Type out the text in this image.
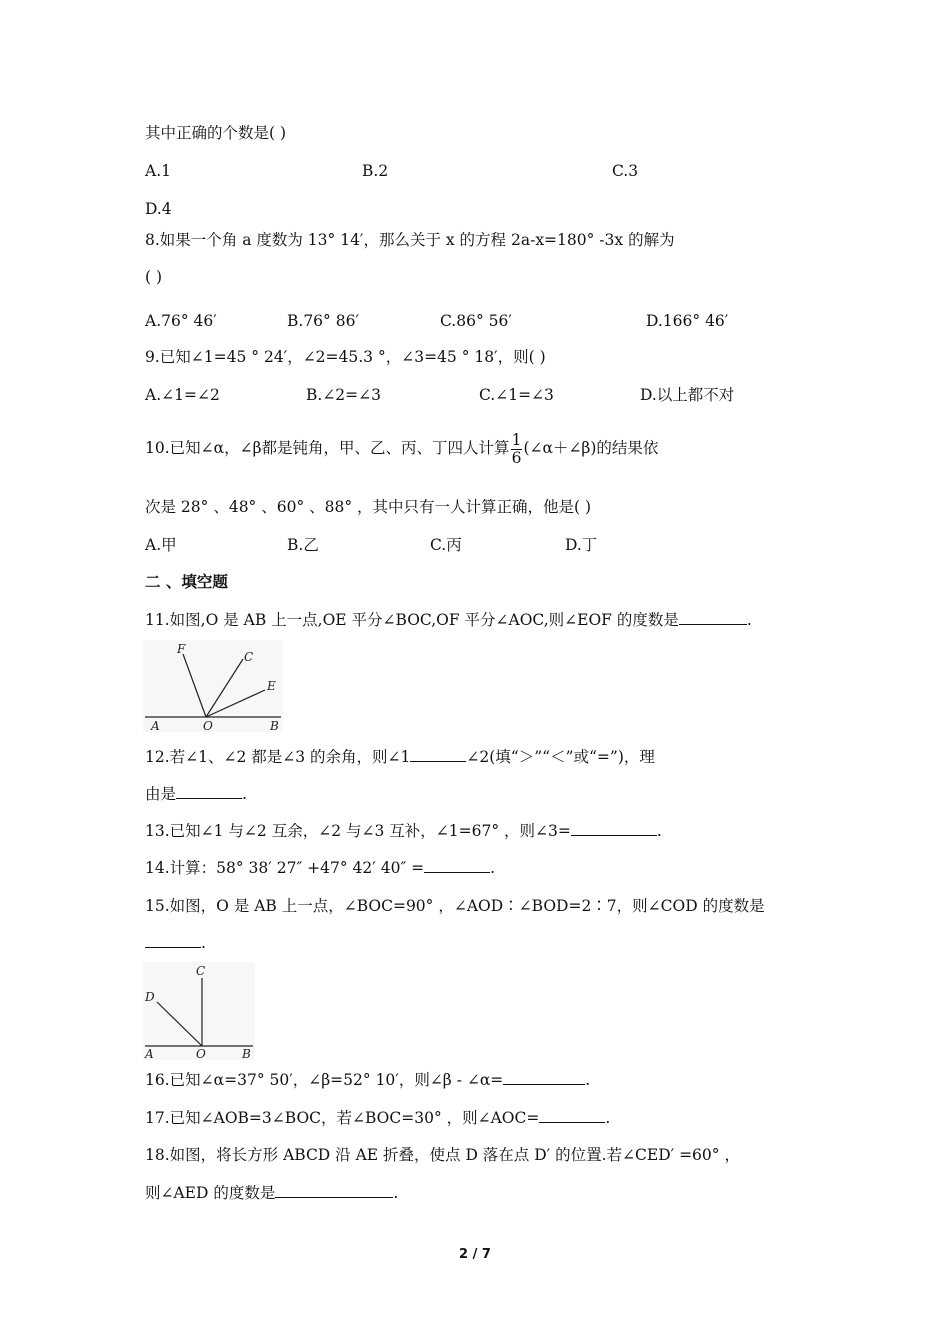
其中正确的个数是( )
A.1	B.2	C.3
D.4
8.如果一个角 a 度数为 13° 14′，那么关于 x 的方程 2a-x=180° -3x 的解为
( )
A.76° 46′	B.76° 86′	C.86° 56′	D.166° 46′
9.已知∠1=45 ° 24′，∠2=45.3 °，∠3=45 ° 18′，则( )
A.∠1=∠2	B.∠2=∠3	C.∠1=∠3	D.以上都不对
10.已知∠α，∠β都是钝角，甲、乙、丙、丁四人计算 $\frac{1}{6}$ (∠α＋∠β)的结果依
次是 28° 、48° 、60° 、88° ，其中只有一人计算正确，他是( )
A.甲	B.乙	C.丙	D.丁
二 、填空题
11.如图,O 是 AB 上一点,OE 平分∠BOC,OF 平分∠AOC,则∠EOF 的度数是	.
F
C
E
A	O	B
12.若∠1、∠2 都是∠3 的余角，则∠1	∠2(填“＞”“＜”或“=”)，理
由是	.
13.已知∠1 与∠2 互余，∠2 与∠3 互补，∠1=67° ，则∠3=	.
14.计算：58° 38′ 27″ +47° 42′ 40″ =	.
15.如图，O 是 AB 上一点，∠BOC=90° ，∠AOD∶∠BOD=2∶7，则∠COD 的度数是
.
C
D
A	O	B
16.已知∠α=37° 50′，∠β=52° 10′，则∠β - ∠α=	.
17.已知∠AOB=3∠BOC，若∠BOC=30° ，则∠AOC=	.
18.如图，将长方形 ABCD 沿 AE 折叠，使点 D 落在点 D′ 的位置.若∠CED′ =60° ，
则∠AED 的度数是	.
2 / 7
